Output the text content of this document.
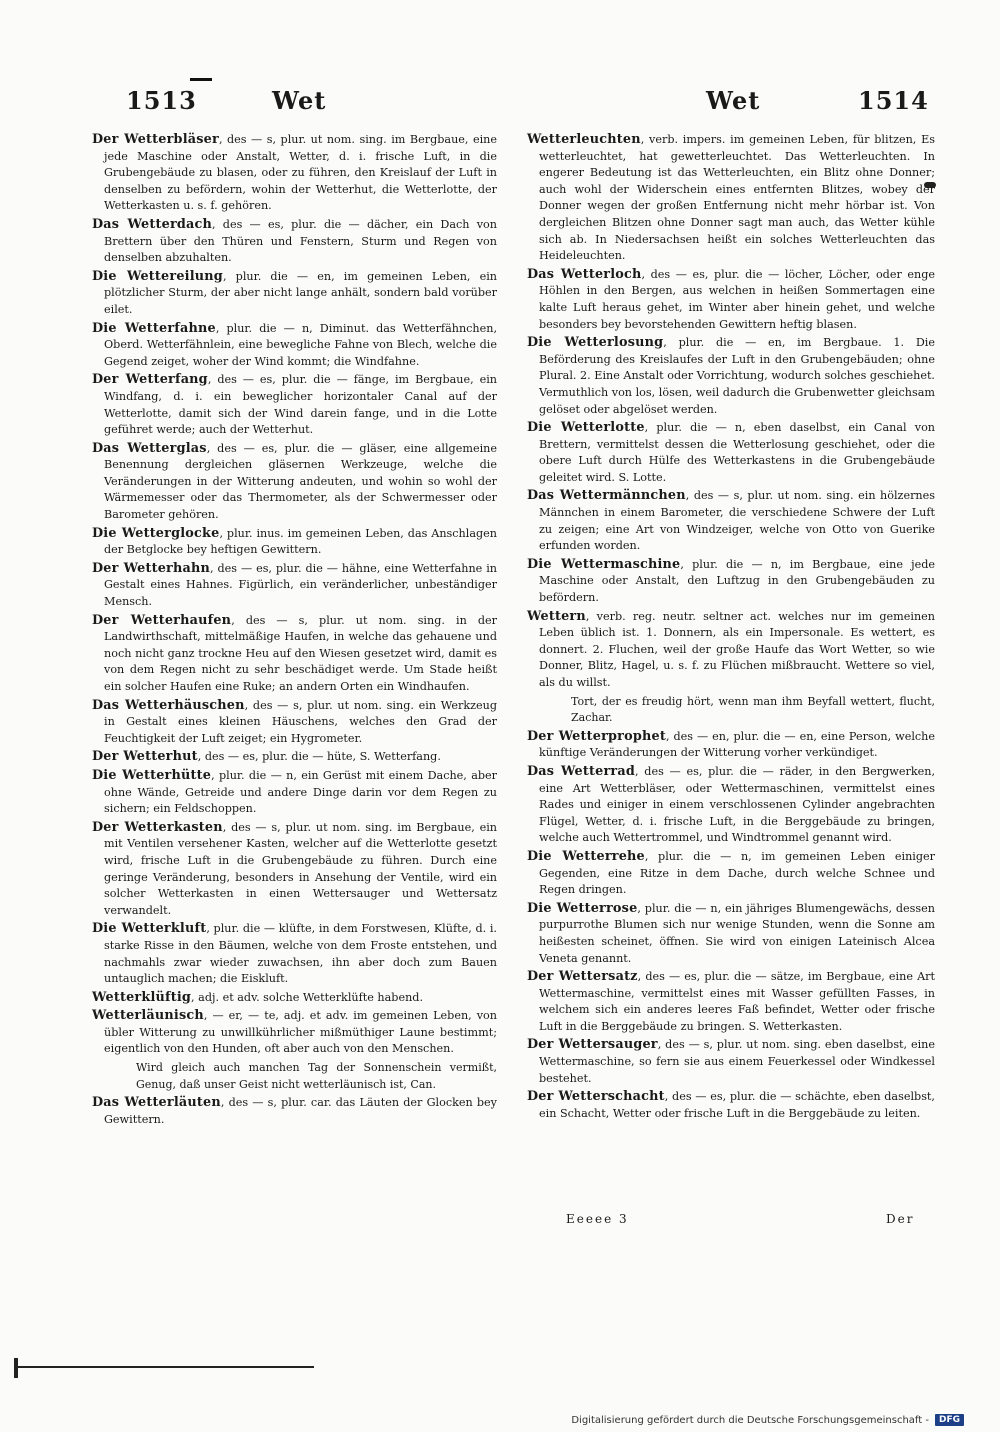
1513	Wet	Wet	1514

Der Wetterbläser, des — s, plur. ut nom. sing. im Bergbaue, eine jede Maschine oder Anstalt, Wetter, d. i. frische Luft, in die Grubengebäude zu blasen, oder zu führen, den Kreislauf der Luft in denselben zu befördern, wohin der Wetterhut, die Wetterlotte, der Wetterkasten u. s. f. gehören.

Das Wetterdach, des — es, plur. die — dächer, ein Dach von Brettern über den Thüren und Fenstern, Sturm und Regen von denselben abzuhalten.

Die Wettereilung, plur. die — en, im gemeinen Leben, ein plötzlicher Sturm, der aber nicht lange anhält, sondern bald vorüber eilet.

Die Wetterfahne, plur. die — n, Diminut. das Wetterfähnchen, Oberd. Wetterfähnlein, eine bewegliche Fahne von Blech, welche die Gegend zeiget, woher der Wind kommt; die Windfahne.

Der Wetterfang, des — es, plur. die — fänge, im Bergbaue, ein Windfang, d. i. ein beweglicher horizontaler Canal auf der Wetterlotte, damit sich der Wind darein fange, und in die Lotte geführet werde; auch der Wetterhut.

Das Wetterglas, des — es, plur. die — gläser, eine allgemeine Benennung dergleichen gläsernen Werkzeuge, welche die Veränderungen in der Witterung andeuten, und wohin so wohl der Wärmemesser oder das Thermometer, als der Schwermesser oder Barometer gehören.

Die Wetterglocke, plur. inus. im gemeinen Leben, das Anschlagen der Betglocke bey heftigen Gewittern.

Der Wetterhahn, des — es, plur. die — hähne, eine Wetterfahne in Gestalt eines Hahnes. Figürlich, ein veränderlicher, unbeständiger Mensch.

Der Wetterhaufen, des — s, plur. ut nom. sing. in der Landwirthschaft, mittelmäßige Haufen, in welche das gehauene und noch nicht ganz trockne Heu auf den Wiesen gesetzet wird, damit es von dem Regen nicht zu sehr beschädiget werde. Um Stade heißt ein solcher Haufen eine Ruke; an andern Orten ein Windhaufen.

Das Wetterhäuschen, des — s, plur. ut nom. sing. ein Werkzeug in Gestalt eines kleinen Häuschens, welches den Grad der Feuchtigkeit der Luft zeiget; ein Hygrometer.

Der Wetterhut, des — es, plur. die — hüte, S. Wetterfang.

Die Wetterhütte, plur. die — n, ein Gerüst mit einem Dache, aber ohne Wände, Getreide und andere Dinge darin vor dem Regen zu sichern; ein Feldschoppen.

Der Wetterkasten, des — s, plur. ut nom. sing. im Bergbaue, ein mit Ventilen versehener Kasten, welcher auf die Wetterlotte gesetzt wird, frische Luft in die Grubengebäude zu führen. Durch eine geringe Veränderung, besonders in Ansehung der Ventile, wird ein solcher Wetterkasten in einen Wettersauger und Wettersatz verwandelt.

Die Wetterkluft, plur. die — klüfte, in dem Forstwesen, Klüfte, d. i. starke Risse in den Bäumen, welche von dem Froste entstehen, und nachmahls zwar wieder zuwachsen, ihn aber doch zum Bauen untauglich machen; die Eiskluft.

Wetterklüftig, adj. et adv. solche Wetterklüfte habend.

Wetterläunisch, — er, — te, adj. et adv. im gemeinen Leben, von übler Witterung zu unwillkührlicher mißmüthiger Laune bestimmt; eigentlich von den Hunden, oft aber auch von den Menschen.

Wird gleich auch manchen Tag der Sonnenschein vermißt, Genug, daß unser Geist nicht wetterläunisch ist, Can.

Das Wetterläuten, des — s, plur. car. das Läuten der Glocken bey Gewittern.

Wetterleuchten, verb. impers. im gemeinen Leben, für blitzen, Es wetterleuchtet, hat gewetterleuchtet. Das Wetterleuchten. In engerer Bedeutung ist das Wetterleuchten, ein Blitz ohne Donner; auch wohl der Widerschein eines entfernten Blitzes, wobey der Donner wegen der großen Entfernung nicht mehr hörbar ist. Von dergleichen Blitzen ohne Donner sagt man auch, das Wetter kühle sich ab. In Niedersachsen heißt ein solches Wetterleuchten das Heideleuchten.

Das Wetterloch, des — es, plur. die — löcher, Löcher, oder enge Höhlen in den Bergen, aus welchen in heißen Sommertagen eine kalte Luft heraus gehet, im Winter aber hinein gehet, und welche besonders bey bevorstehenden Gewittern heftig blasen.

Die Wetterlosung, plur. die — en, im Bergbaue. 1. Die Beförderung des Kreislaufes der Luft in den Grubengebäuden; ohne Plural. 2. Eine Anstalt oder Vorrichtung, wodurch solches geschiehet. Vermuthlich von los, lösen, weil dadurch die Grubenwetter gleichsam gelöset oder abgelöset werden.

Die Wetterlotte, plur. die — n, eben daselbst, ein Canal von Brettern, vermittelst dessen die Wetterlosung geschiehet, oder die obere Luft durch Hülfe des Wetterkastens in die Grubengebäude geleitet wird. S. Lotte.

Das Wettermännchen, des — s, plur. ut nom. sing. ein hölzernes Männchen in einem Barometer, die verschiedene Schwere der Luft zu zeigen; eine Art von Windzeiger, welche von Otto von Guerike erfunden worden.

Die Wettermaschine, plur. die — n, im Bergbaue, eine jede Maschine oder Anstalt, den Luftzug in den Grubengebäuden zu befördern.

Wettern, verb. reg. neutr. seltner act. welches nur im gemeinen Leben üblich ist. 1. Donnern, als ein Impersonale. Es wettert, es donnert. 2. Fluchen, weil der große Haufe das Wort Wetter, so wie Donner, Blitz, Hagel, u. s. f. zu Flüchen mißbraucht. Wettere so viel, als du willst.

Tort, der es freudig hört, wenn man ihm Beyfall wettert, flucht, Zachar.

Der Wetterprophet, des — en, plur. die — en, eine Person, welche künftige Veränderungen der Witterung vorher verkündiget.

Das Wetterrad, des — es, plur. die — räder, in den Bergwerken, eine Art Wetterbläser, oder Wettermaschinen, vermittelst eines Rades und einiger in einem verschlossenen Cylinder angebrachten Flügel, Wetter, d. i. frische Luft, in die Berggebäude zu bringen, welche auch Wettertrommel, und Windtrommel genannt wird.

Die Wetterrehe, plur. die — n, im gemeinen Leben einiger Gegenden, eine Ritze in dem Dache, durch welche Schnee und Regen dringen.

Die Wetterrose, plur. die — n, ein jähriges Blumengewächs, dessen purpurrothe Blumen sich nur wenige Stunden, wenn die Sonne am heißesten scheinet, öffnen. Sie wird von einigen Lateinisch Alcea Veneta genannt.

Der Wettersatz, des — es, plur. die — sätze, im Bergbaue, eine Art Wettermaschine, vermittelst eines mit Wasser gefüllten Fasses, in welchem sich ein anderes leeres Faß befindet, Wetter oder frische Luft in die Berggebäude zu bringen. S. Wetterkasten.

Der Wettersauger, des — s, plur. ut nom. sing. eben daselbst, eine Wettermaschine, so fern sie aus einem Feuerkessel oder Windkessel bestehet.

Der Wetterschacht, des — es, plur. die — schächte, eben daselbst, ein Schacht, Wetter oder frische Luft in die Berggebäude zu leiten.

Eeeee 3	Der
Digitalisierung gefördert durch die Deutsche Forschungsgemeinschaft -	DFG
